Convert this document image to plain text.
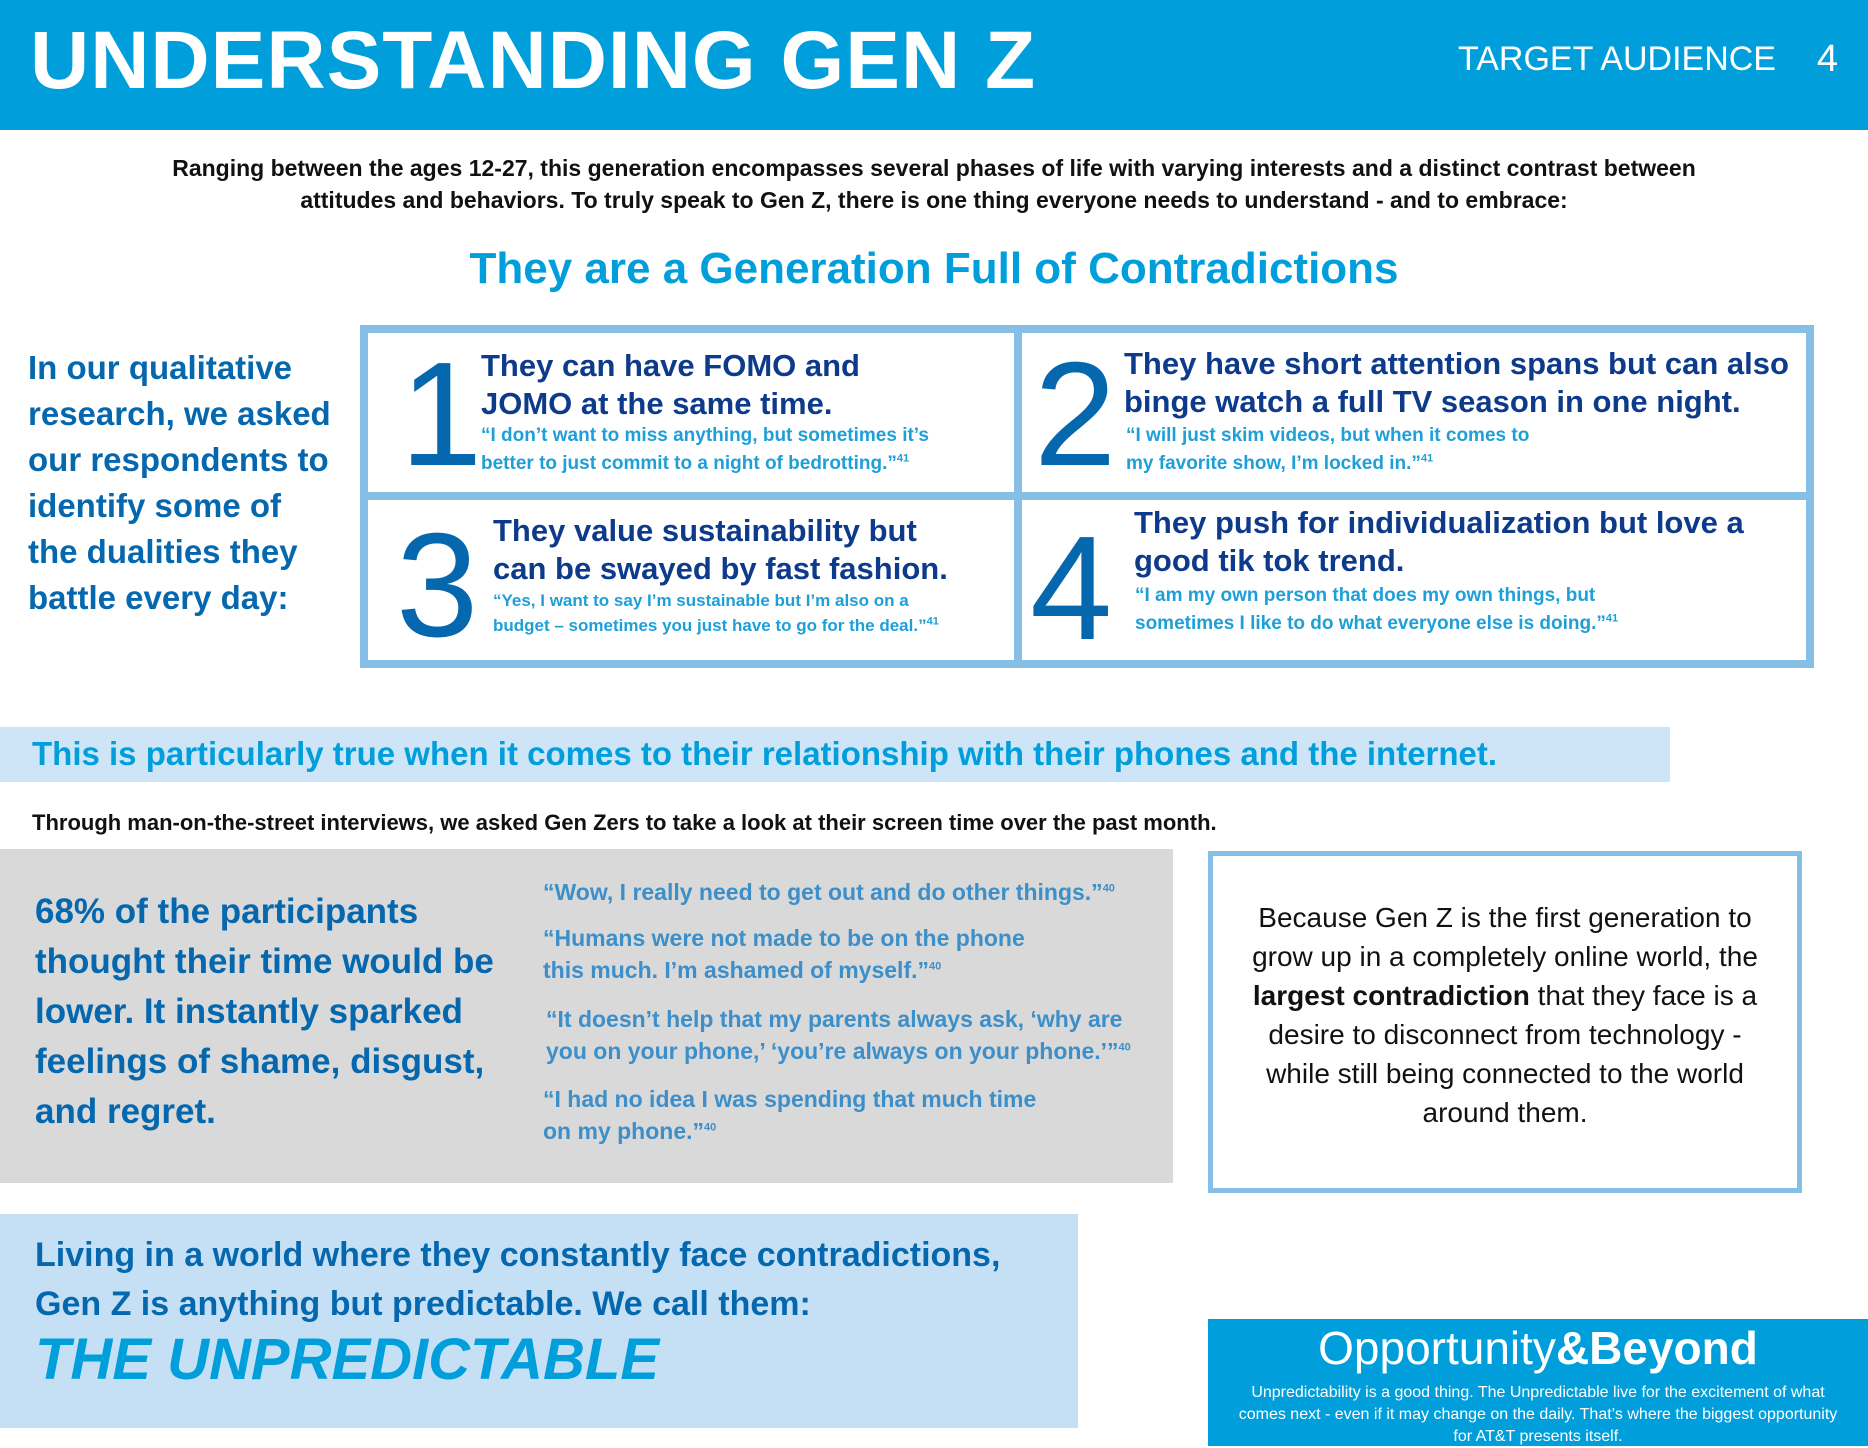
UNDERSTANDING GEN Z	TARGET AUDIENCE 4
Ranging between the ages 12-27, this generation encompasses several phases of life with varying interests and a distinct contrast between
attitudes and behaviors. To truly speak to Gen Z, there is one thing everyone needs to understand - and to embrace:
They are a Generation Full of Contradictions
In our qualitative
research, we asked
our respondents to
identify some of
the dualities they
battle every day:
1
They can have FOMO and
JOMO at the same time.
“I don’t want to miss anything, but sometimes it’s
better to just commit to a night of bedrotting.”$^{41}$ 2 They have short attention spans but can also
binge watch a full TV season in one night.
“I will just skim videos, but when it comes to
my favorite show, I’m locked in.”$^{41}$
3 They value sustainability but
can be swayed by fast fashion.
“Yes, I want to say I’m sustainable but I’m also on a
budget – sometimes you just have to go for the deal.”$^{41}$ 4 They push for individualization but love a
good tik tok trend.
“I am my own person that does my own things, but
sometimes I like to do what everyone else is doing.”$^{41}$
This is particularly true when it comes to their relationship with their phones and the internet.
Through man-on-the-street interviews, we asked Gen Zers to take a look at their screen time over the past month.
68% of the participants thought their time would be lower. It instantly sparked feelings of shame, disgust, and regret.
“Wow, I really need to get out and do other things.”$^{40}$
“Humans were not made to be on the phone
this much. I’m ashamed of myself.”$^{40}$
“It doesn’t help that my parents always ask, ‘why are
you on your phone,’ ‘you’re always on your phone.’”$^{40}$
“I had no idea I was spending that much time
on my phone.”$^{40}$
Because Gen Z is the first generation to grow up in a completely online world, the largest contradiction that they face is a desire to disconnect from technology - while still being connected to the world around them.
Living in a world where they constantly face contradictions,
Gen Z is anything but predictable. We call them:
THE UNPREDICTABLE	Opportunity&Beyond
Unpredictability is a good thing. The Unpredictable live for the excitement of what comes next - even if it may change on the daily. That’s where the biggest opportunity for AT&T presents itself.
